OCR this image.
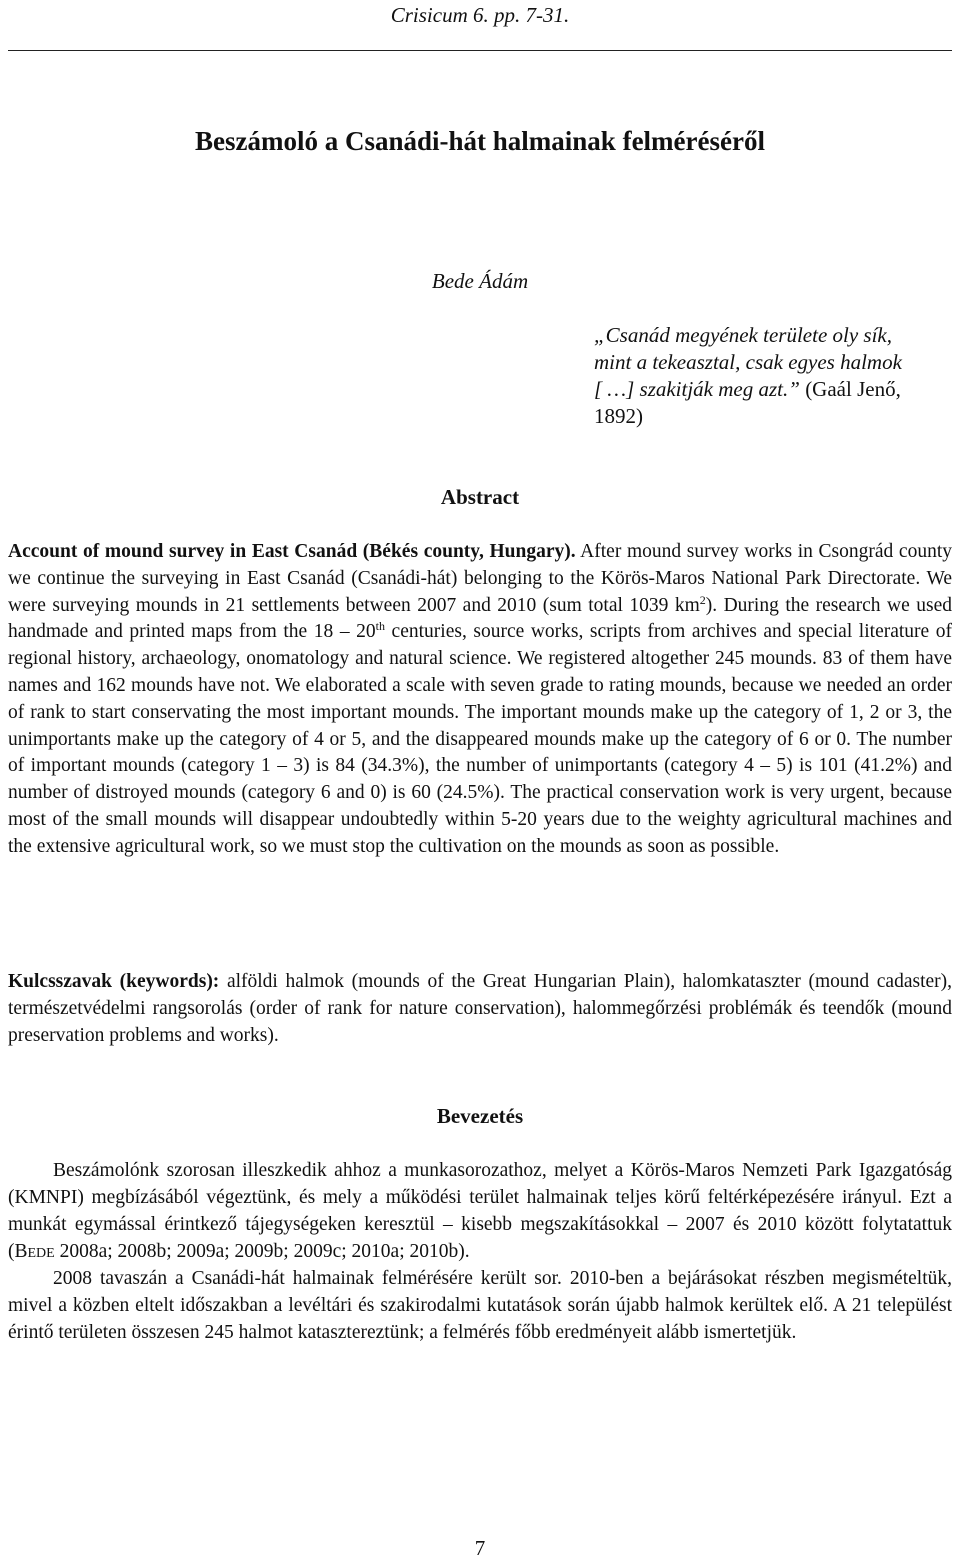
Crisicum 6. pp. 7-31.
Beszámoló a Csanádi-hát halmainak felméréséről
Bede Ádám
„Csanád megyének területe oly sík,
mint a tekeasztal, csak egyes halmok
[ …] szakitják meg azt.” (Gaál Jenő,
1892)
Abstract

Account of mound survey in East Csanád (Békés county, Hungary). After mound survey works in Csongrád county we continue the surveying in East Csanád (Csanádi-hát) belonging to the Körös-Maros National Park Directorate. We were surveying mounds in 21 settlements between 2007 and 2010 (sum total 1039 $km^2$). During the research we used handmade and printed maps from the 18 – 20th centuries, source works, scripts from archives and special literature of regional history, archaeology, onomatology and natural science. We registered altogether 245 mounds. 83 of them have names and 162 mounds have not. We elaborated a scale with seven grade to rating mounds, because we needed an order of rank to start conservating the most important mounds. The important mounds make up the category of 1, 2 or 3, the unimportants make up the category of 4 or 5, and the disappeared mounds make up the category of 6 or 0. The number of important mounds (category 1 – 3) is 84 (34.3%), the number of unimportants (category 4 – 5) is 101 (41.2%) and number of distroyed mounds (category 6 and 0) is 60 (24.5%). The practical conservation work is very urgent, because most of the small mounds will disappear undoubtedly within 5-20 years due to the weighty agricultural machines and the extensive agricultural work, so we must stop the cultivation on the mounds as soon as possible.

Kulcsszavak (keywords): alföldi halmok (mounds of the Great Hungarian Plain), halomkataszter (mound cadaster), természetvédelmi rangsorolás (order of rank for nature conservation), halommegőrzési problémák és teendők (mound preservation problems and works).

Bevezetés

Beszámolónk szorosan illeszkedik ahhoz a munkasorozathoz, melyet a Körös-Maros Nemzeti Park Igazgatóság (KMNPI) megbízásából végeztünk, és mely a működési terület halmainak teljes körű feltérképezésére irányul. Ezt a munkát egymással érintkező tájegységeken keresztül – kisebb megszakításokkal – 2007 és 2010 között folytatattuk (Bede 2008a; 2008b; 2009a; 2009b; 2009c; 2010a; 2010b).

2008 tavaszán a Csanádi-hát halmainak felmérésére került sor. 2010-ben a bejárásokat részben megismételtük, mivel a közben eltelt időszakban a levéltári és szakirodalmi kutatások során újabb halmok kerültek elő. A 21 települést érintő területen összesen 245 halmot katasztereztünk; a felmérés főbb eredményeit alább ismertetjük.

7
